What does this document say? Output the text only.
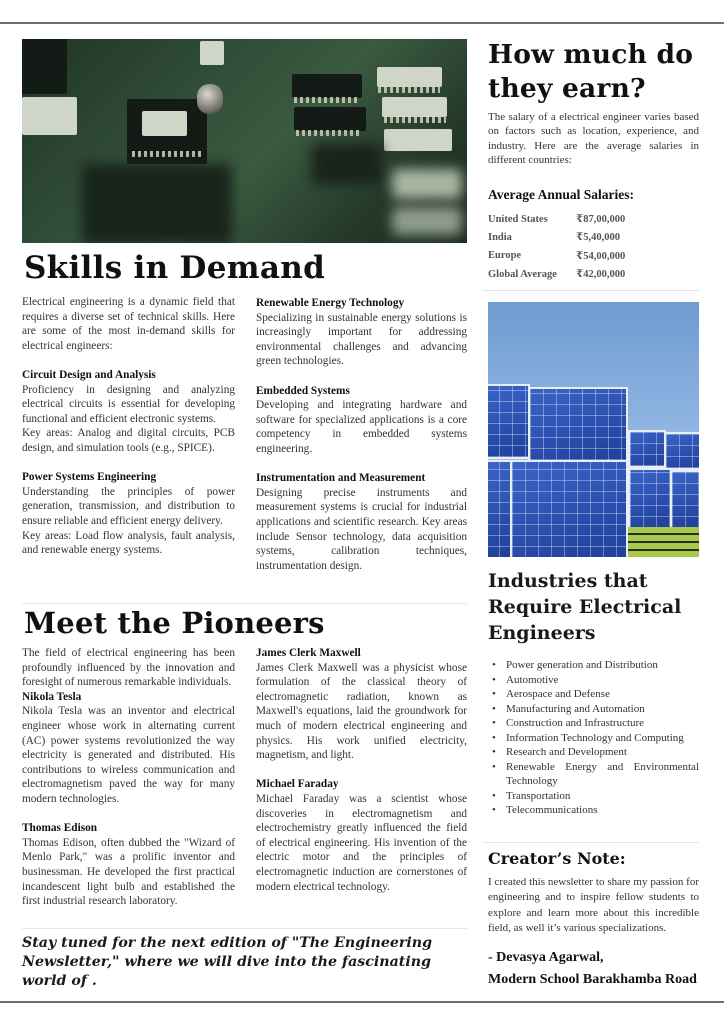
How much do they earn?

The salary of a electrical engineer varies based on factors such as location, experience, and industry. Here are the average salaries in different countries:

Average Annual Salaries:
United States	₹87,00,000
India	₹5,40,000
Europe	₹54,00,000
Global Average	₹42,00,000
Skills in Demand

Electrical engineering is a dynamic field that requires a diverse set of technical skills. Here are some of the most in-demand skills for electrical engineers:

Circuit Design and Analysis

Proficiency in designing and analyzing electrical circuits is essential for developing functional and efficient electronic systems.

Key areas: Analog and digital circuits, PCB design, and simulation tools (e.g., SPICE).

Power Systems Engineering

Understanding the principles of power generation, transmission, and distribution to ensure reliable and efficient energy delivery.

Key areas: Load flow analysis, fault analysis, and renewable energy systems.

Renewable Energy Technology

Specializing in sustainable energy solutions is increasingly important for addressing environmental challenges and advancing green technologies.

Embedded Systems

Developing and integrating hardware and software for specialized applications is a core competency in embedded systems engineering.

Instrumentation and Measurement

Designing precise instruments and measurement systems is crucial for industrial applications and scientific research. Key areas include Sensor technology, data acquisition systems, calibration techniques, instrumentation design.

Meet the Pioneers

The field of electrical engineering has been profoundly influenced by the innovation and foresight of numerous remarkable individuals.

Nikola Tesla

Nikola Tesla was an inventor and electrical engineer whose work in alternating current (AC) power systems revolutionized the way electricity is generated and distributed. His contributions to wireless communication and electromagnetism paved the way for many modern technologies.

Thomas Edison

Thomas Edison, often dubbed the "Wizard of Menlo Park," was a prolific inventor and businessman. He developed the first practical incandescent light bulb and established the first industrial research laboratory.

James Clerk Maxwell

James Clerk Maxwell was a physicist whose formulation of the classical theory of electromagnetic radiation, known as Maxwell's equations, laid the groundwork for much of modern electrical engineering and physics. His work unified electricity, magnetism, and light.

Michael Faraday

Michael Faraday was a scientist whose discoveries in electromagnetism and electrochemistry greatly influenced the field of electrical engineering. His invention of the electric motor and the principles of electromagnetic induction are cornerstones of modern electrical technology.

Stay tuned for the next edition of "The Engineering Newsletter," where we will dive into the fascinating world of .

Industries that Require Electrical Engineers
• Power generation and Distribution
• Automotive
• Aerospace and Defense
• Manufacturing and Automation
• Construction and Infrastructure
• Information Technology and Computing
• Research and Development
• Renewable Energy and Environmental Technology
• Transportation
• Telecommunications
Creator’s Note:

I created this newsletter to share my passion for engineering and to inspire fellow students to explore and learn more about this incredible field, as well it’s various specializations.

- Devasya Agarwal,
Modern School Barakhamba Road
